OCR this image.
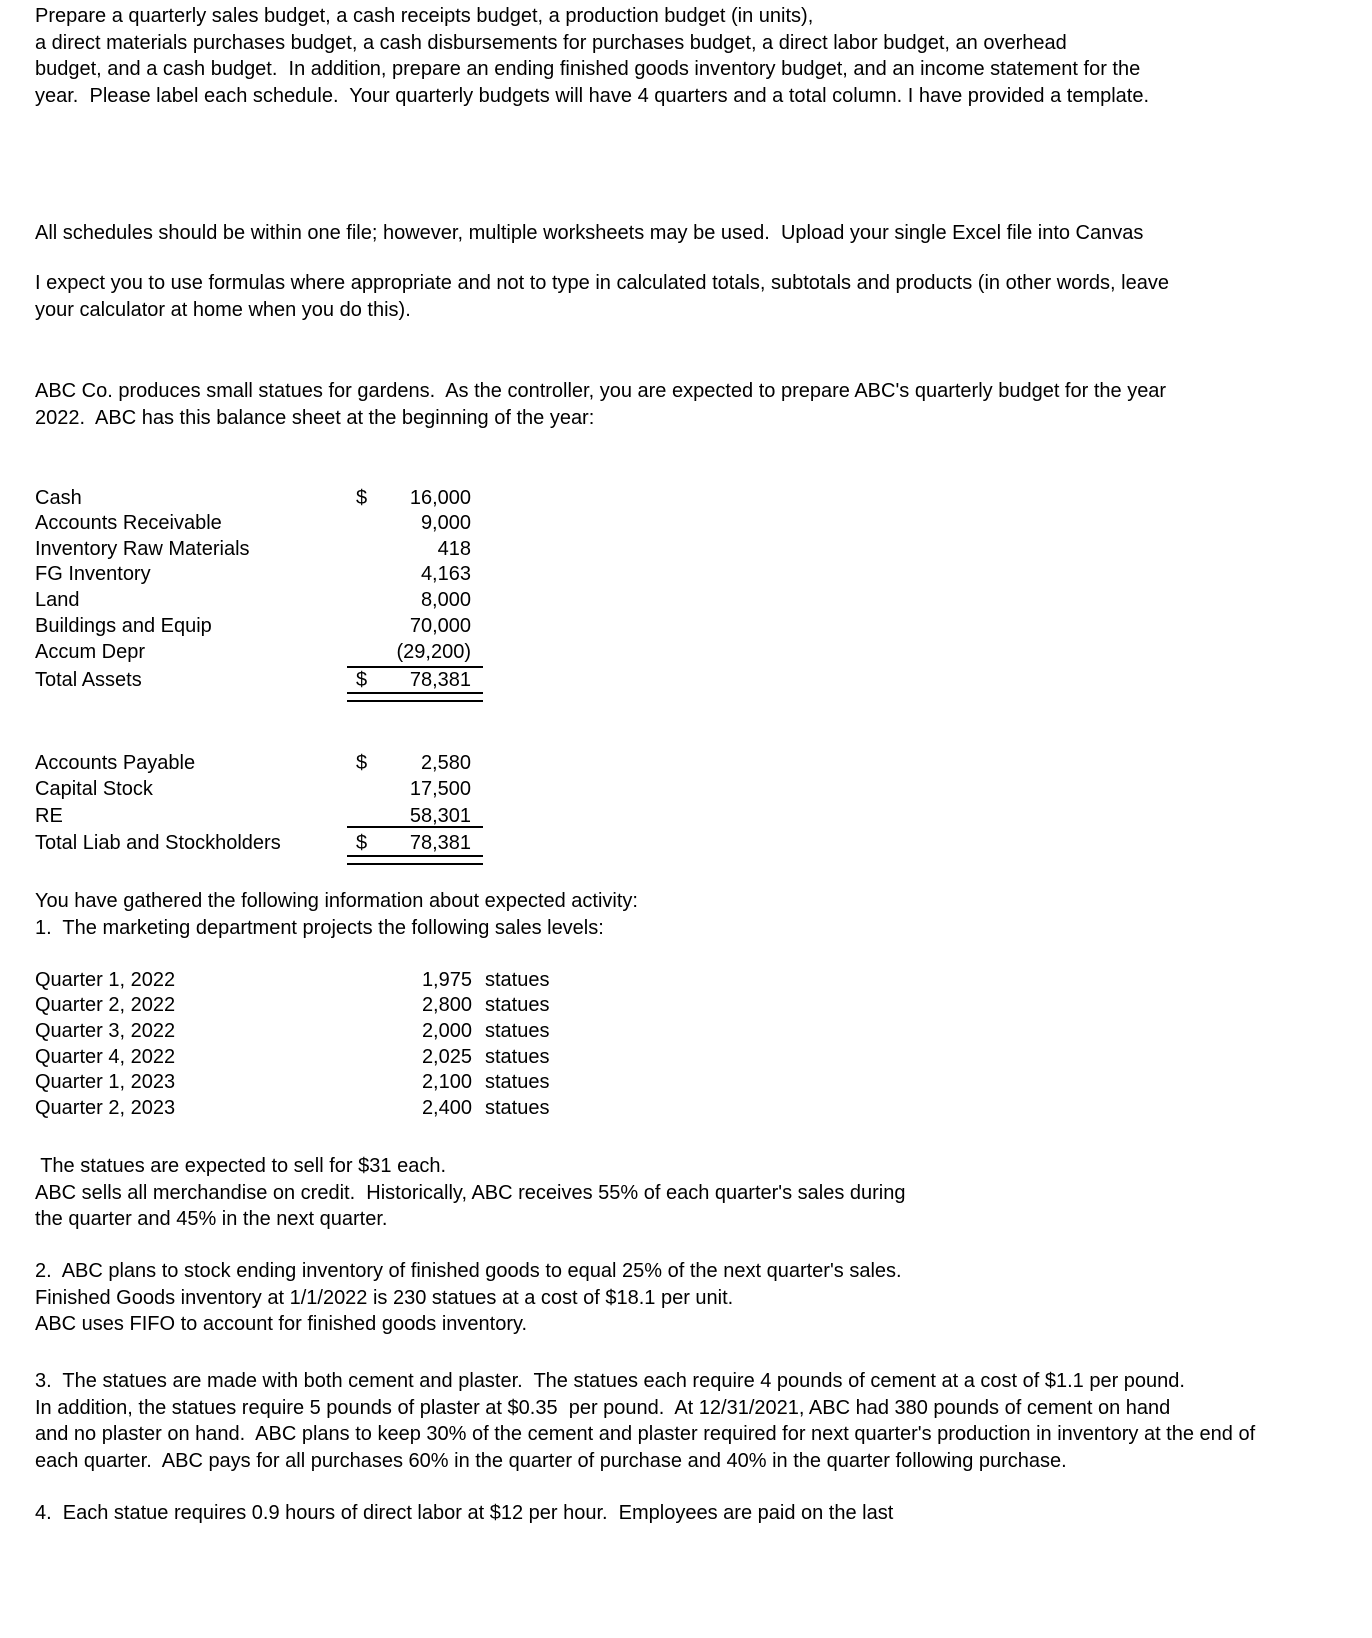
Prepare a quarterly sales budget, a cash receipts budget, a production budget (in units),
a direct materials purchases budget, a cash disbursements for purchases budget, a direct labor budget, an overhead
budget, and a cash budget.  In addition, prepare an ending finished goods inventory budget, and an income statement for the
year.  Please label each schedule.  Your quarterly budgets will have 4 quarters and a total column. I have provided a template.
All schedules should be within one file; however, multiple worksheets may be used.  Upload your single Excel file into Canvas
I expect you to use formulas where appropriate and not to type in calculated totals, subtotals and products (in other words, leave
your calculator at home when you do this).
ABC Co. produces small statues for gardens.  As the controller, you are expected to prepare ABC's quarterly budget for the year
2022.  ABC has this balance sheet at the beginning of the year:
Cash	$	16,000
Accounts Receivable	9,000
Inventory Raw Materials	418
FG Inventory	4,163
Land	8,000
Buildings and Equip	70,000
Accum Depr	(29,200)
Total Assets	$	78,381
Accounts Payable	$	2,580
Capital Stock	17,500
RE	58,301
Total Liab and Stockholders	$	78,381
You have gathered the following information about expected activity:
1.  The marketing department projects the following sales levels:
Quarter 1, 2022	1,975 statues
Quarter 2, 2022	2,800 statues
Quarter 3, 2022	2,000 statues
Quarter 4, 2022	2,025 statues
Quarter 1, 2023	2,100 statues
Quarter 2, 2023	2,400 statues
The statues are expected to sell for $31 each.
ABC sells all merchandise on credit.  Historically, ABC receives 55% of each quarter's sales during
the quarter and 45% in the next quarter.
2.  ABC plans to stock ending inventory of finished goods to equal 25% of the next quarter's sales.
Finished Goods inventory at 1/1/2022 is 230 statues at a cost of $18.1 per unit.
ABC uses FIFO to account for finished goods inventory.
3.  The statues are made with both cement and plaster.  The statues each require 4 pounds of cement at a cost of $1.1 per pound.
In addition, the statues require 5 pounds of plaster at $0.35  per pound.  At 12/31/2021, ABC had 380 pounds of cement on hand
and no plaster on hand.  ABC plans to keep 30% of the cement and plaster required for next quarter's production in inventory at the end of
each quarter.  ABC pays for all purchases 60% in the quarter of purchase and 40% in the quarter following purchase.
4.  Each statue requires 0.9 hours of direct labor at $12 per hour.  Employees are paid on the last
